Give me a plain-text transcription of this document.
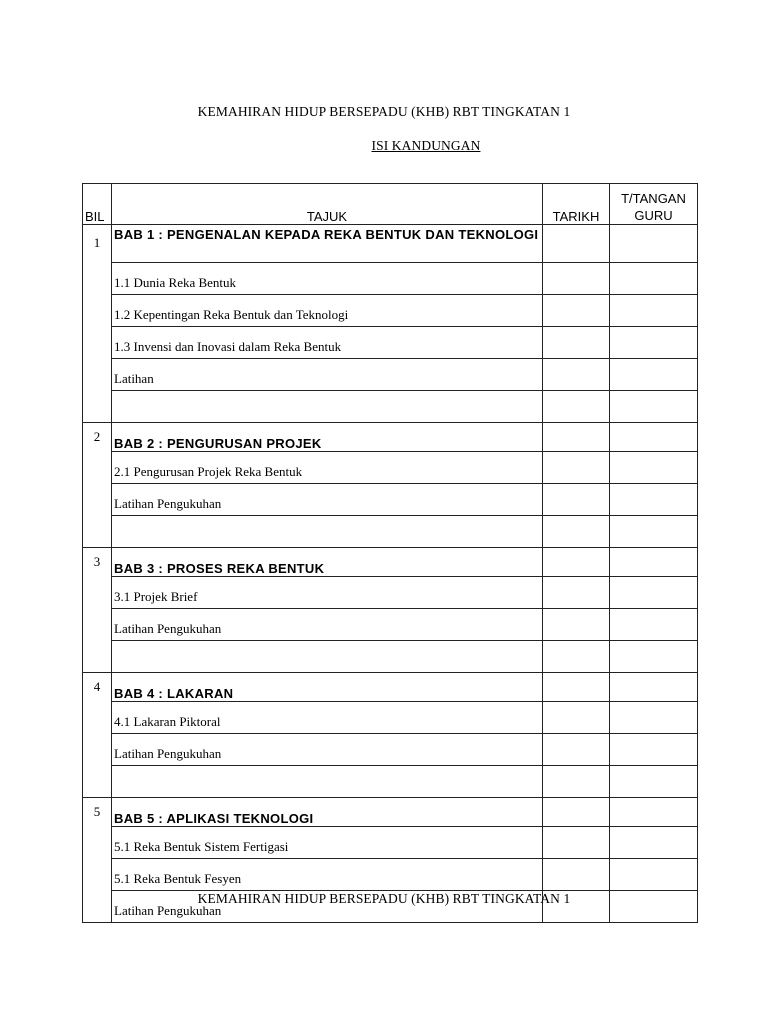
KEMAHIRAN HIDUP BERSEPADU (KHB) RBT TINGKATAN 1
ISI KANDUNGAN
BIL	TAJUK	TARIKH	T/TANGAN GURU
1	BAB 1 : PENGENALAN KEPADA REKA BENTUK DAN TEKNOLOGI		
	1.1 Dunia Reka Bentuk		
	1.2 Kepentingan Reka Bentuk dan Teknologi		
	1.3 Invensi dan Inovasi dalam Reka Bentuk		
	Latihan		

2	BAB 2 : PENGURUSAN PROJEK		
	2.1 Pengurusan Projek Reka Bentuk		
	Latihan Pengukuhan		

3	BAB 3 : PROSES REKA BENTUK		
	3.1 Projek Brief		
	Latihan Pengukuhan		

4	BAB 4 : LAKARAN		
	4.1 Lakaran Piktoral		
	Latihan Pengukuhan		

5	BAB 5 : APLIKASI TEKNOLOGI		
	5.1 Reka Bentuk Sistem Fertigasi		
	5.1 Reka Bentuk Fesyen		
	Latihan Pengukuhan		
KEMAHIRAN HIDUP BERSEPADU (KHB) RBT TINGKATAN 1
